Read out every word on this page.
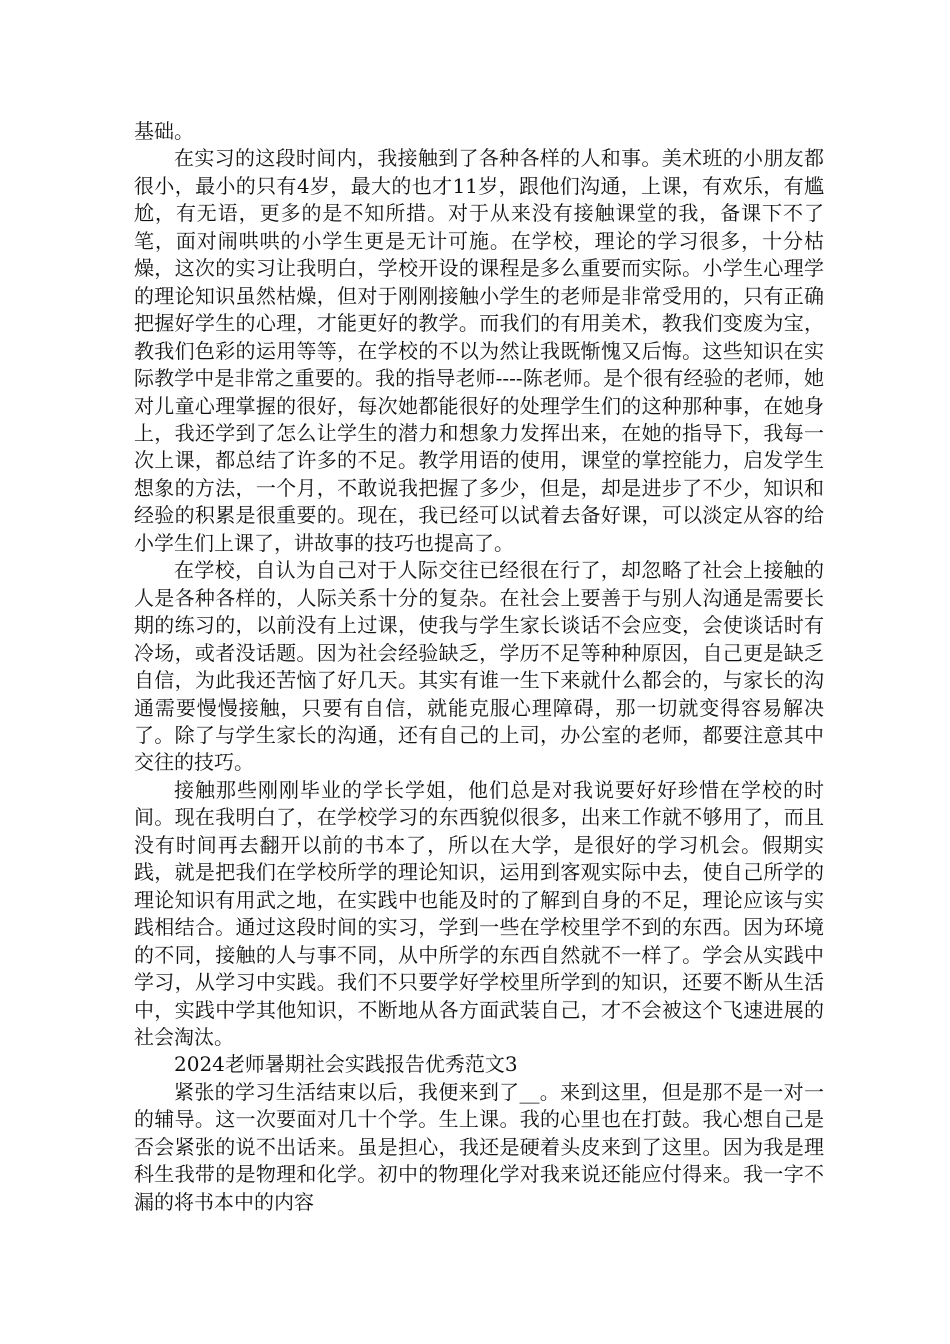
基础。

在实习的这段时间内，我接触到了各种各样的人和事。美术班的小朋友都很小，最小的只有4岁，最大的也才11岁，跟他们沟通，上课，有欢乐，有尴尬，有无语，更多的是不知所措。对于从来没有接触课堂的我，备课下不了笔，面对闹哄哄的小学生更是无计可施。在学校，理论的学习很多，十分枯燥，这次的实习让我明白，学校开设的课程是多么重要而实际。小学生心理学的理论知识虽然枯燥，但对于刚刚接触小学生的老师是非常受用的，只有正确把握好学生的心理，才能更好的教学。而我们的有用美术，教我们变废为宝，教我们色彩的运用等等，在学校的不以为然让我既惭愧又后悔。这些知识在实际教学中是非常之重要的。我的指导老师----陈老师。是个很有经验的老师，她对儿童心理掌握的很好，每次她都能很好的处理学生们的这种那种事，在她身上，我还学到了怎么让学生的潜力和想象力发挥出来，在她的指导下，我每一次上课，都总结了许多的不足。教学用语的使用，课堂的掌控能力，启发学生想象的方法，一个月，不敢说我把握了多少，但是，却是进步了不少，知识和经验的积累是很重要的。现在，我已经可以试着去备好课，可以淡定从容的给小学生们上课了，讲故事的技巧也提高了。

在学校，自认为自己对于人际交往已经很在行了，却忽略了社会上接触的人是各种各样的，人际关系十分的复杂。在社会上要善于与别人沟通是需要长期的练习的，以前没有上过课，使我与学生家长谈话不会应变，会使谈话时有冷场，或者没话题。因为社会经验缺乏，学历不足等种种原因，自己更是缺乏自信，为此我还苦恼了好几天。其实有谁一生下来就什么都会的，与家长的沟通需要慢慢接触，只要有自信，就能克服心理障碍，那一切就变得容易解决了。除了与学生家长的沟通，还有自己的上司，办公室的老师，都要注意其中交往的技巧。

接触那些刚刚毕业的学长学姐，他们总是对我说要好好珍惜在学校的时间。现在我明白了，在学校学习的东西貌似很多，出来工作就不够用了，而且没有时间再去翻开以前的书本了，所以在大学，是很好的学习机会。假期实践，就是把我们在学校所学的理论知识，运用到客观实际中去，使自己所学的理论知识有用武之地，在实践中也能及时的了解到自身的不足，理论应该与实践相结合。通过这段时间的实习，学到一些在学校里学不到的东西。因为环境的不同，接触的人与事不同，从中所学的东西自然就不一样了。学会从实践中学习，从学习中实践。我们不只要学好学校里所学到的知识，还要不断从生活中，实践中学其他知识，不断地从各方面武装自己，才不会被这个飞速进展的社会淘汰。

2024老师暑期社会实践报告优秀范文3

紧张的学习生活结束以后，我便来到了__。来到这里，但是那不是一对一的辅导。这一次要面对几十个学。生上课。我的心里也在打鼓。我心想自己是否会紧张的说不出话来。虽是担心，我还是硬着头皮来到了这里。因为我是理科生我带的是物理和化学。初中的物理化学对我来说还能应付得来。我一字不漏的将书本中的内容
